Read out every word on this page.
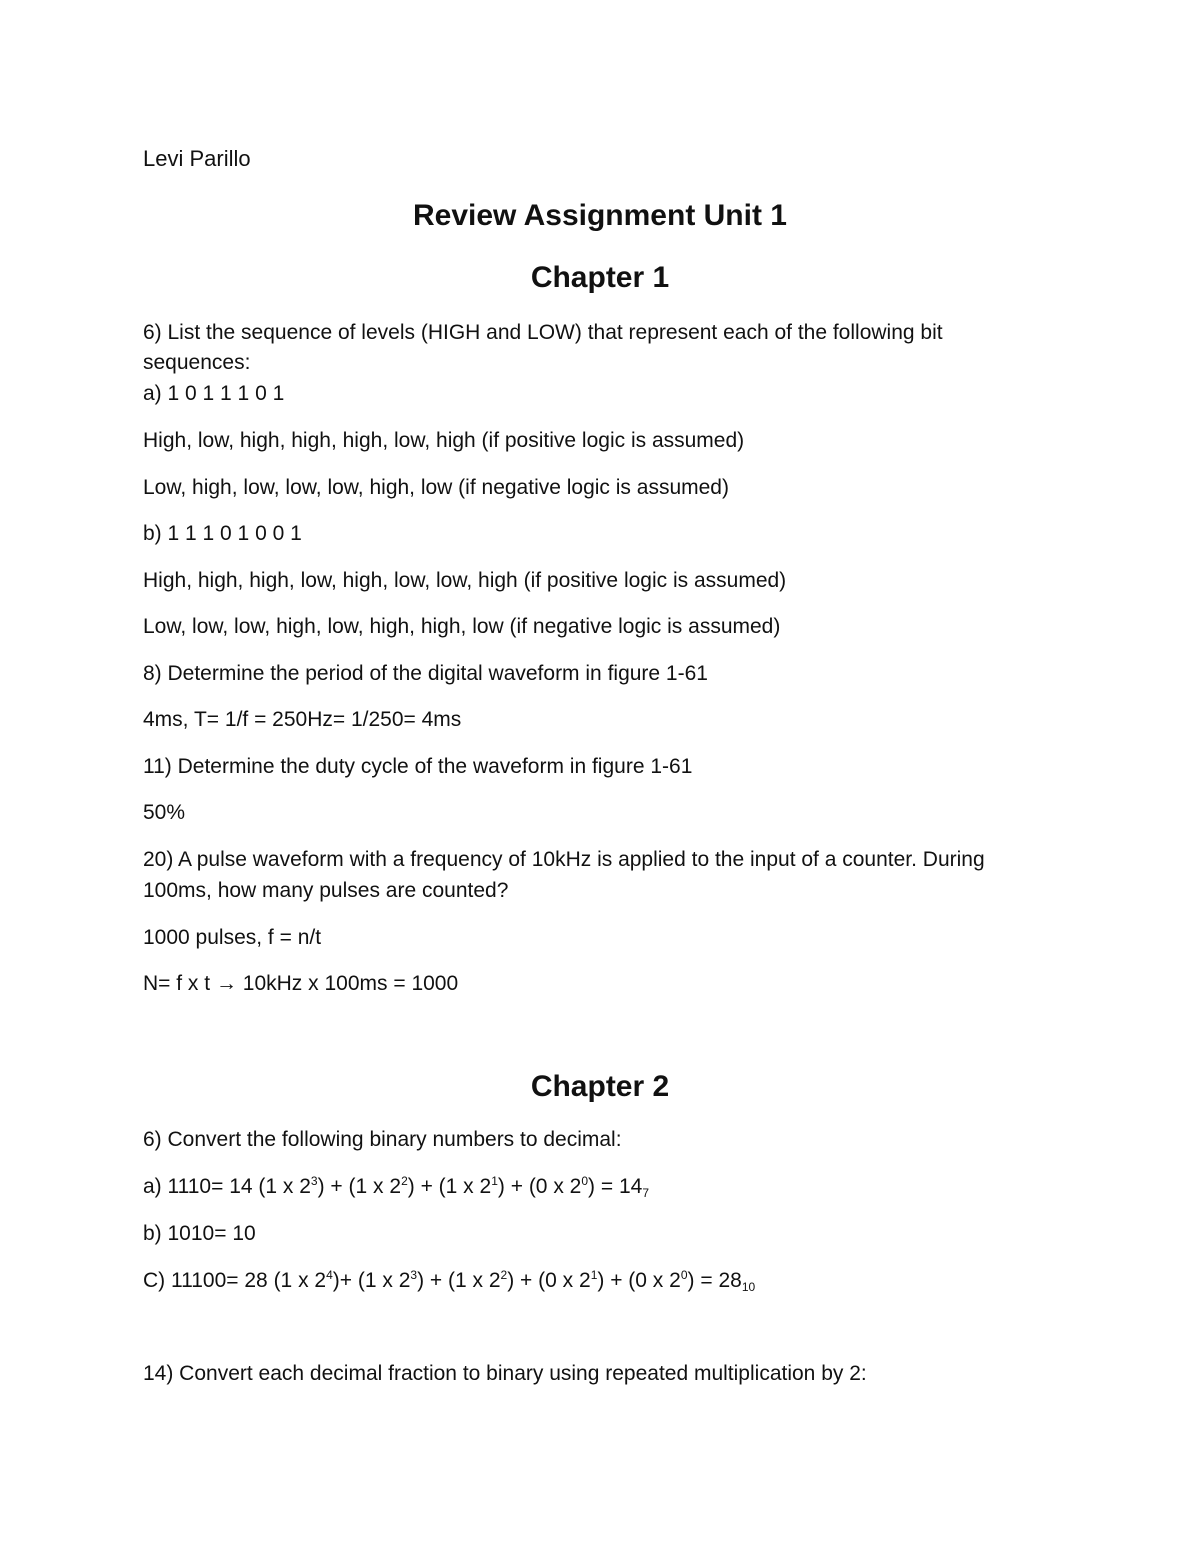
Levi Parillo
Review Assignment Unit 1
Chapter 1
6) List the sequence of levels (HIGH and LOW) that represent each of the following bit
sequences:
a) 1 0 1 1 1 0 1
High, low, high, high, high, low, high (if positive logic is assumed)
Low, high, low, low, low, high, low (if negative logic is assumed)
b) 1 1 1 0 1 0 0 1
High, high, high, low, high, low, low, high (if positive logic is assumed)
Low, low, low, high, low, high, high, low (if negative logic is assumed)
8) Determine the period of the digital waveform in figure 1-61
4ms, T= 1/f = 250Hz= 1/250= 4ms
11) Determine the duty cycle of the waveform in figure 1-61
50%
20) A pulse waveform with a frequency of 10kHz is applied to the input of a counter. During
100ms, how many pulses are counted?
1000 pulses, f = n/t
N= f x t → 10kHz x 100ms = 1000
Chapter 2
6) Convert the following binary numbers to decimal:
a) 1110= 14 (1 x $2^3) + (1$ x $2^2) + (1$ x $2^1) + (0$ x $2^0) = 14_7$
b) 1010= 10
C) 11100= 28 (1 x $2^4)+ (1$ x $2^3) + (1$ x $2^2) + (0$ x $2^1) + (0$ x $2^0) = 28_{10}$
14) Convert each decimal fraction to binary using repeated multiplication by 2:
